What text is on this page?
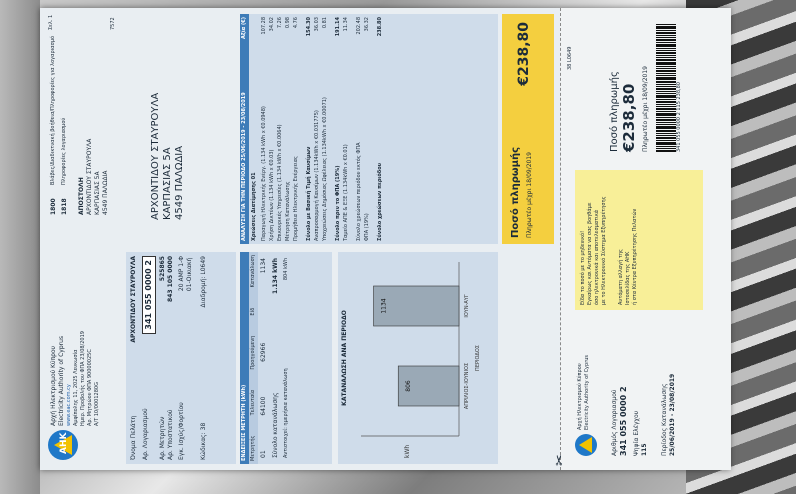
ΑΗΚ
Αρχή Ηλεκτρισμού Κύπρου Electricity Authority of Cyprus www.eac.com.cy Αμφίπολης 11, 2025 Λευκωσία Ημερ. Προβολής του ΦΠΑ 23/08/2019 Αρ. Μητρώου ΦΠΑ 90000025C Α/Τ 10/0001280G
1800
Βλάβες/Διαδικτυακή βοήθεια/Πληροφορίες για λογαριασμό
1818
Πληροφορίες λογαριασμού
Σελ. 1
ΑΠΟΣΤΟΛΗ ΑΡΧΟΝΤΙΔΟΥ ΣΤΑΥΡΟΥΛΑ ΚΑΡΠΑΣΙΑΣ 5Α 4549 ΠΑΛΩΔΙΑ
7572
Όνομα Πελάτη
ΑΡΧΟΝΤΙΔΟΥ ΣΤΑΥΡΟΥΛΑ
Αρ. Λογαριασμού
341 055 0000 2
Αρ. Μετρητών
525865
Αρ. Υποστατικού
843 105 0000
Εγκ. Ισχύς/Φορτίου
20 AMP 1-Φ
01-Οικιακή
Κώδικας: 38
Διαδρομή: L0649
ΑΡΧΟΝΤΙΔΟΥ ΣΤΑΥΡΟΥΛΑ ΚΑΡΠΑΣΙΑΣ 5Α 4549 ΠΑΛΩΔΙΑ
ΕΝΔΕΙΞΕΙΣ ΜΕΤΡΗΤΗ (kWh) Μετρητής
Τελευταία
Προηγούμενη
Είδ
Κατανάλωση
01
64100
62966
1134
Σύνολο κατανάλωσης
1.134 kWh
Αντιστοιχεί: ημερήσια κατανάλωση
804 kWh
ΚΑΤΑΝΑΛΩΣΗ ΑΝΑ ΠΕΡΙΟΔΟ
kWh
806	ΑΠΡΙΛΙΟΣ-ΙΟΥΝΙΟΣ
1134	ΙΟΥΝ-ΑΥΓ
ΠΕΡΙΟΔΟΣ
ΑΝΑΛΥΣΗ ΓΙΑ ΤΗΝ ΠΕΡΙΟΔΟ 25/06/2019 - 23/08/2019
Αξία (€)
Χρεώσεις Διατίμησης 01 Παραγωγή Ηλεκτρικής Ενέργ. (1.134 kWh x €0.0948)
107.28
Χρήση Δικτύων (1.134 kWh x €0.03)
34.02
Επικουρικές Υπηρεσίες (1.134 kWh x €0.0064)
7.26
Μέτρηση Κατανάλωσης
0.98
Προμήθεια Ηλεκτρικής Ενέργειας
4.76
Σύνολο με Βασική Τιμή Καυσίμων
154.30
Αναπροσαρμογή Καυσίμων (1.134kWh x €0.031775)
36.03
Υποχρεώσεις Δημόσιας Ωφέλειας (1.134kWh x €0.00071)
0.81
Σύνολο πριν το ΦΠΑ (19%)
191.14
Ταμείο ΑΠΕ & ΕΞΕ (1.134kWh x €0.01)
11.34
Σύνολο χρεώσεων περιόδου εκτός ΦΠΑ
202.48
ΦΠΑ (19%)
36.32
Σύνολο χρεώσεων περιόδου
238.80
Ποσό πληρωμής Πληρωτέο μέχρι 18/09/2019
€238,80
✂
Αρχή Ηλεκτρισμού Κύπρου Electricity Authority of Cyprus	Αριθμός Λογαριασμού 341 055 0000 2 Ψηφία Ελέγχου 115 Περίοδος Κατανάλωσης 25/06/2019 - 23/08/2019
Είδα το ποσό με το μηδενικό! Εγκαίρως και Αυτόματα να σας βοηθάμε όσο ηλεκτρονικά και αποτελεσματικά με το Ηλεκτρονικό Σύστημα Εξυπηρέτησης Αυτόματη αλλαγή της Ιστοσελίδας της ΑΗΚ ή στα Κέντρα Εξυπηρέτησης Πελατών
38 L0649
Ποσό πληρωμής €238,80 Πληρωτέο μέχρι 18/09/2019	341 055 0000 2 115 238,80
